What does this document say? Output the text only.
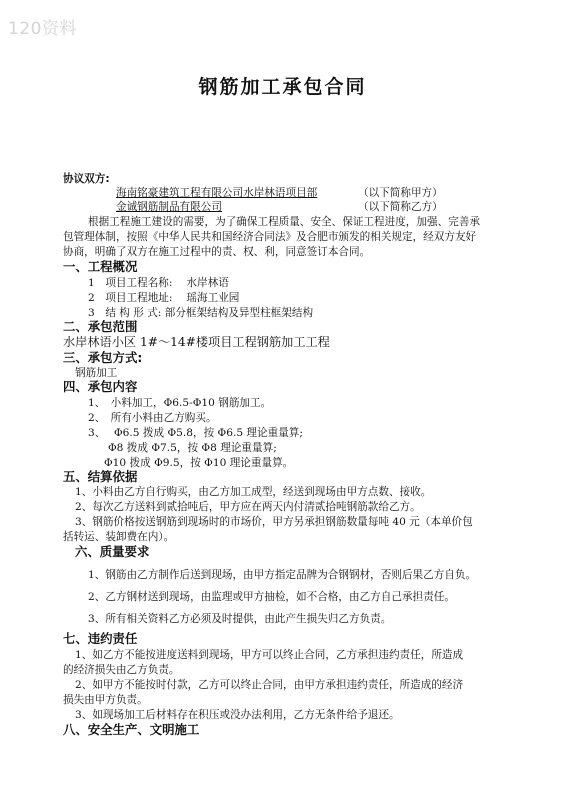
120资料
钢筋加工承包合同
协议双方:
海南铭豪建筑工程有限公司水岸林语项目部	（以下简称甲方）
金诚钢筋制品有限公司	（以下简称乙方）
根据工程施工建设的需要，为了确保工程质量、安全、保证工程进度，加强、完善承
包管理体制，按照《中华人民共和国经济合同法》及合肥市颁发的相关规定，经双方友好
协商，明确了双方在施工过程中的责、权、利，同意签订本合同。
一、工程概况
1　项目工程名称:　 水岸林语
2　项目工程地址:　 瑶海工业园
3　结 构 形 式: 部分框架结构及异型柱框架结构
二、承包范围
水岸林语小区 1#～14#楼项目工程钢筋加工工程
三、承包方式:
钢筋加工
四、承包内容
1、　小料加工，Φ6.5-Φ10 钢筋加工。
2、　所有小料由乙方购买。
3、　 Φ6.5 拨成 Φ5.8，按 Φ6.5 理论重量算;
Φ8 拨成 Φ7.5，按 Φ8 理论重量算;
Φ10 拨成 Φ9.5，按 Φ10 理论重量算。
五、结算依据
1、小料由乙方自行购买，由乙方加工成型，经送到现场由甲方点数、接收。
2、每次乙方送料到贰拾吨后，甲方应在两天内付清贰拾吨钢筋款给乙方。
3、钢筋价格按送钢筋到现场时的市场价，甲方另承担钢筋数量每吨 40 元（本单价包
括转运、装卸费在内）。
六、质量要求
1、钢筋由乙方制作后送到现场，由甲方指定品牌为合钢钢材，否则后果乙方自负。
2、乙方钢材送到现场，由监理或甲方抽检，如不合格，由乙方自己承担责任。
3、所有相关资料乙方必须及时提供，由此产生损失归乙方负责。
七、违约责任
1、如乙方不能按进度送料到现场，甲方可以终止合同，乙方承担违约责任，所造成
的经济损失由乙方负责。
2、如甲方不能按时付款，乙方可以终止合同，由甲方承担违约责任，所造成的经济
损失由甲方负责。
3、如现场加工后材料存在积压或没办法利用，乙方无条件给予退还。
八、安全生产、文明施工
